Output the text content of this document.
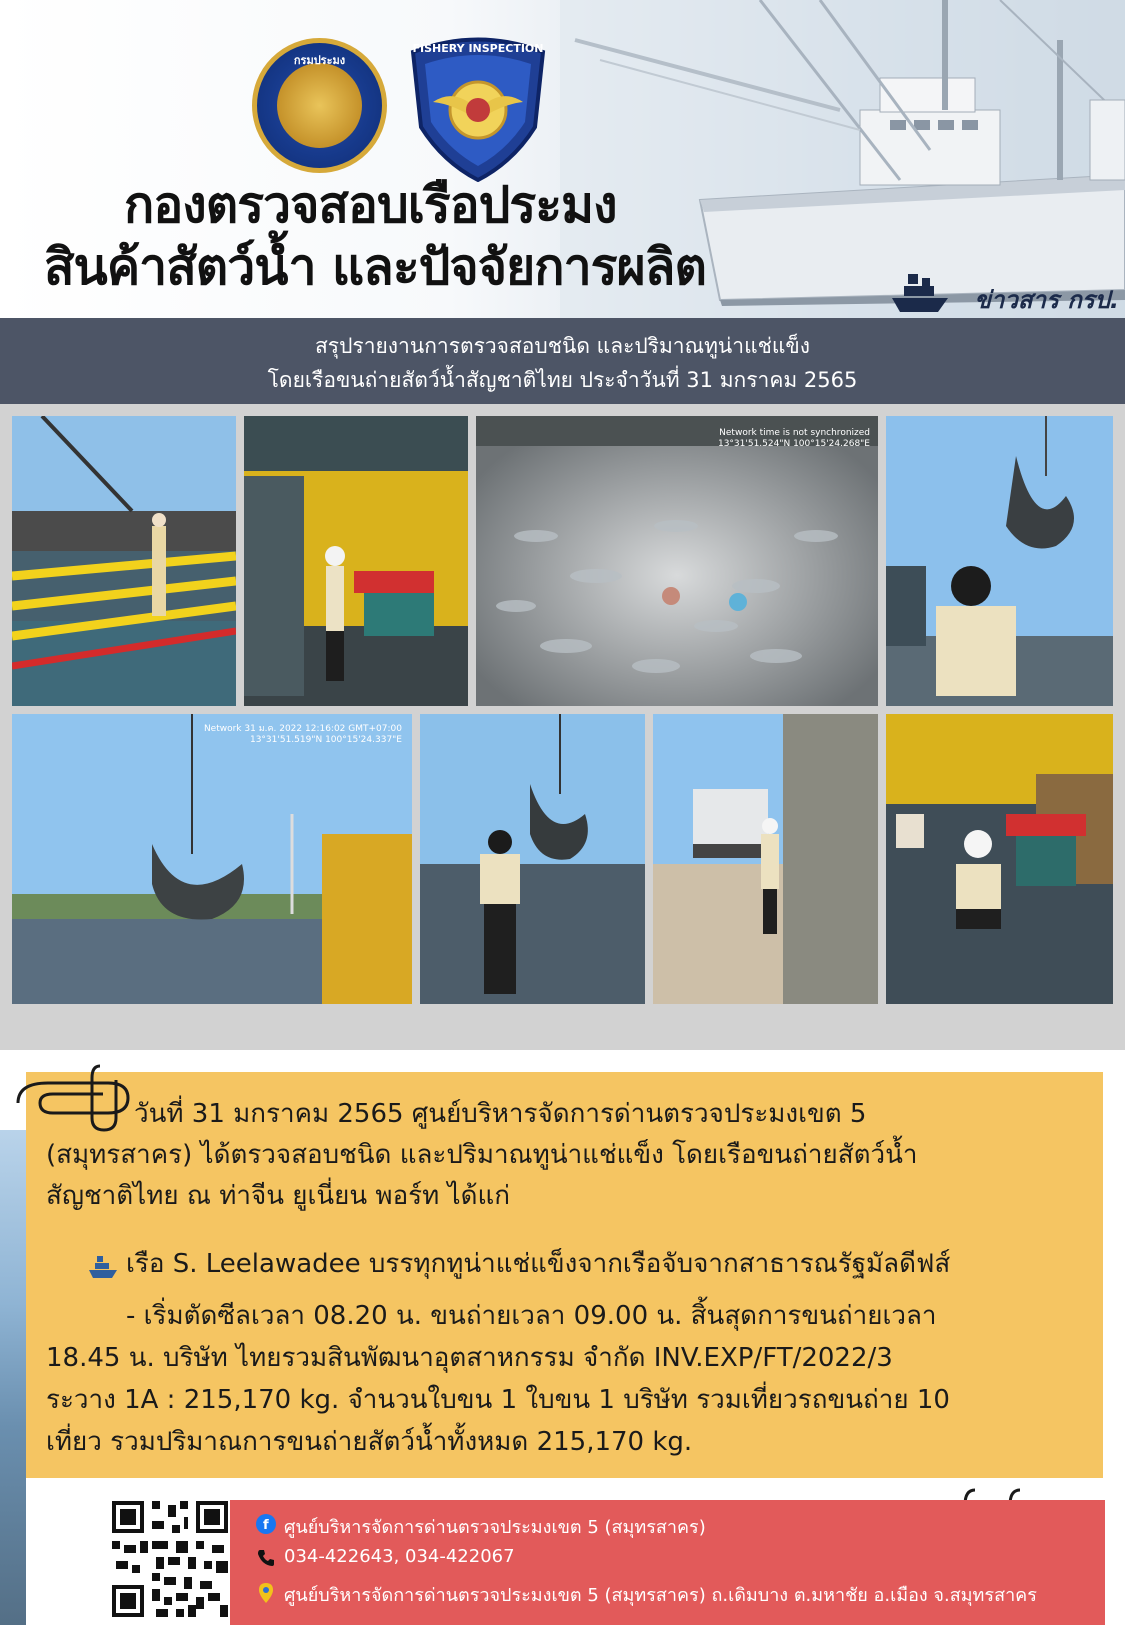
กรมประมง
FISHERY INSPECTION
กองตรวจสอบเรือประมง
สินค้าสัตว์น้ำ และปัจจัยการผลิต
ข่าวสาร กรป.
สรุปรายงานการตรวจสอบชนิด และปริมาณทูน่าแช่แข็ง
โดยเรือขนถ่ายสัตว์น้ำสัญชาติไทย ประจำวันที่ 31 มกราคม 2565
Network time is not synchronized
13°31'51.524"N 100°15'24.268"E
Network 31 ม.ค. 2022 12:16:02 GMT+07:00
13°31'51.519"N 100°15'24.337"E
วันที่ 31 มกราคม 2565 ศูนย์บริหารจัดการด่านตรวจประมงเขต 5
(สมุทรสาคร) ได้ตรวจสอบชนิด และปริมาณทูน่าแช่แข็ง โดยเรือขนถ่ายสัตว์น้ำ
สัญชาติไทย ณ ท่าจีน ยูเนี่ยน พอร์ท ได้แก่
เรือ S. Leelawadee บรรทุกทูน่าแช่แข็งจากเรือจับจากสาธารณรัฐมัลดีฟส์
- เริ่มตัดซีลเวลา 08.20 น. ขนถ่ายเวลา 09.00 น. สิ้นสุดการขนถ่ายเวลา
18.45 น. บริษัท ไทยรวมสินพัฒนาอุตสาหกรรม จำกัด INV.EXP/FT/2022/3
ระวาง 1A : 215,170 kg. จำนวนใบขน 1 ใบขน 1 บริษัท รวมเที่ยวรถขนถ่าย 10
เที่ยว รวมปริมาณการขนถ่ายสัตว์น้ำทั้งหมด 215,170 kg.
f ศูนย์บริหารจัดการด่านตรวจประมงเขต 5 (สมุทรสาคร)
034-422643, 034-422067
ศูนย์บริหารจัดการด่านตรวจประมงเขต 5 (สมุทรสาคร) ถ.เดิมบาง ต.มหาชัย อ.เมือง จ.สมุทรสาคร
